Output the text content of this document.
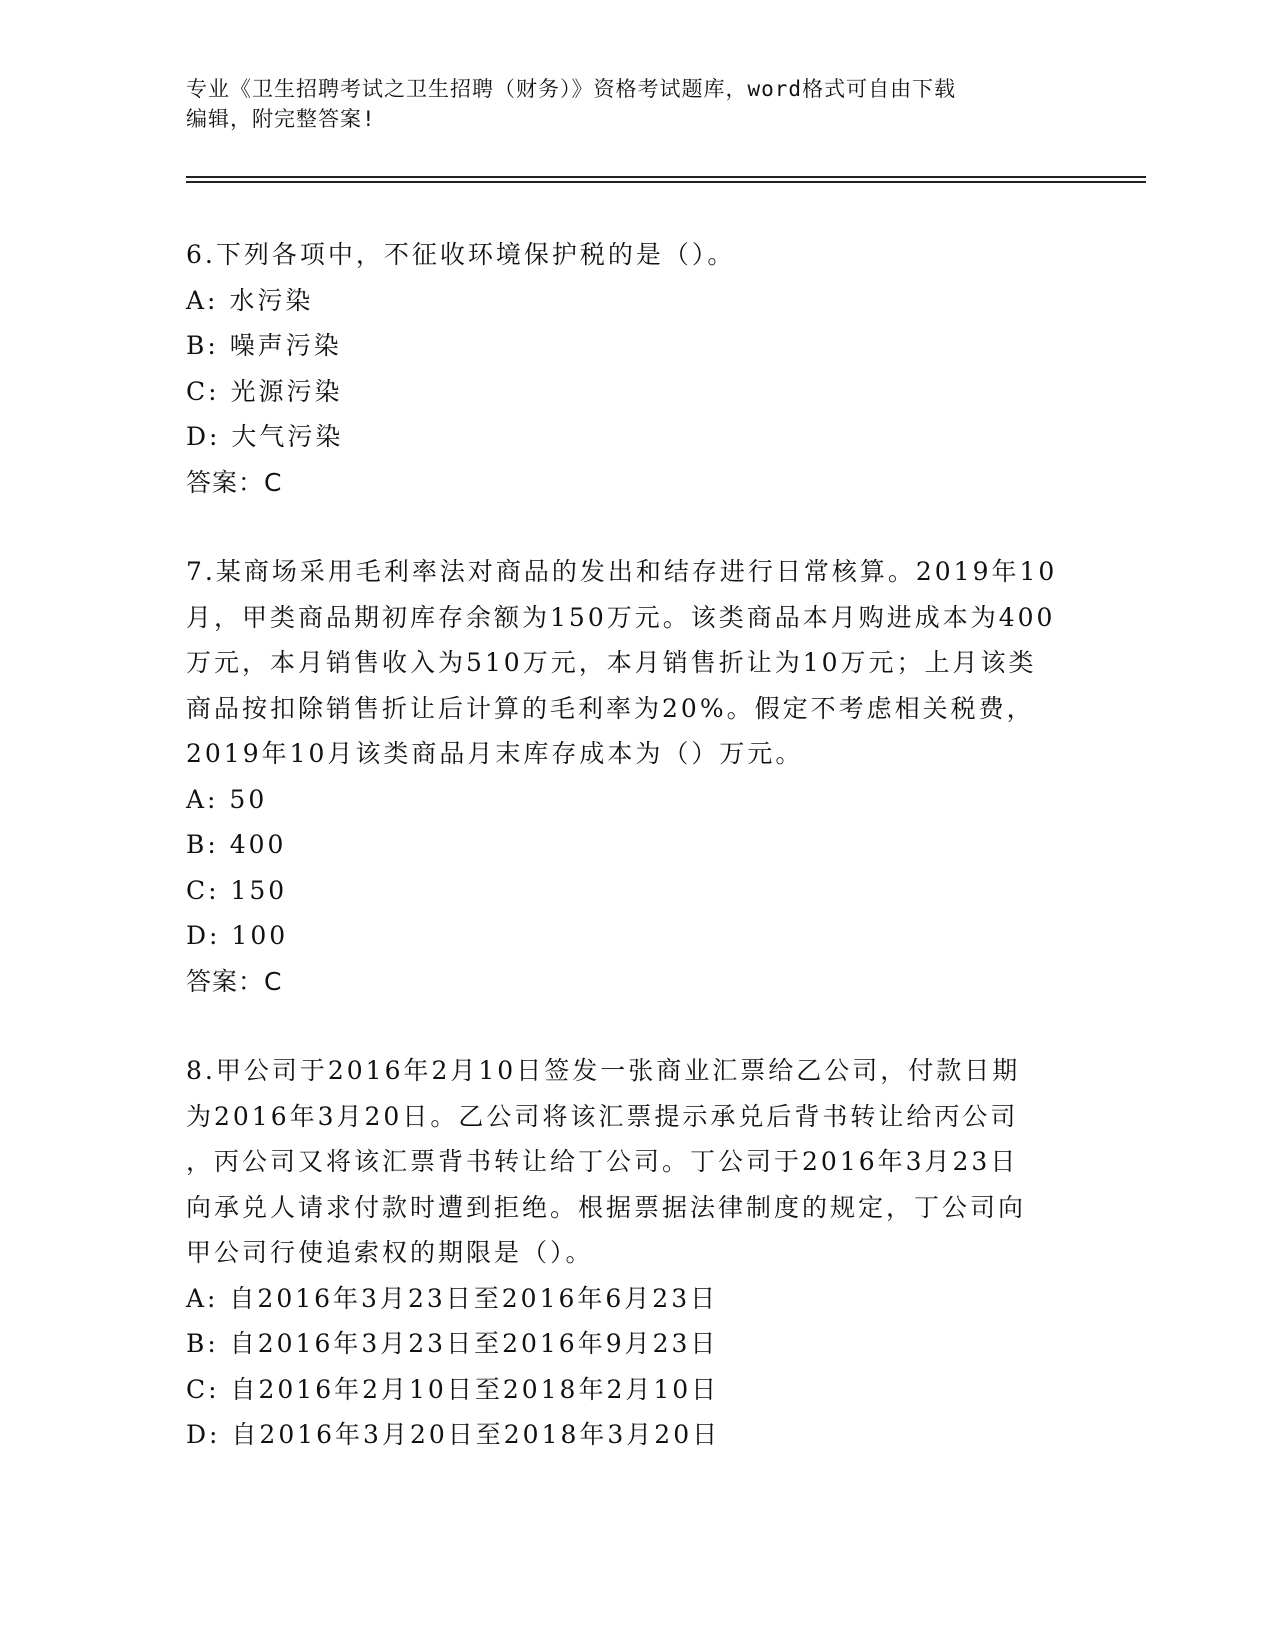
专业《卫生招聘考试之卫生招聘（财务）》资格考试题库，word格式可自由下载
编辑，附完整答案!
6.下列各项中，不征收环境保护税的是（）。
A: 水污染
B: 噪声污染
C: 光源污染
D: 大气污染
答案：C
7.某商场采用毛利率法对商品的发出和结存进行日常核算。2019年10
月，甲类商品期初库存余额为150万元。该类商品本月购进成本为400
万元，本月销售收入为510万元，本月销售折让为10万元；上月该类
商品按扣除销售折让后计算的毛利率为20%。假定不考虑相关税费，
2019年10月该类商品月末库存成本为（）万元。
A: 50
B: 400
C: 150
D: 100
答案：C
8.甲公司于2016年2月10日签发一张商业汇票给乙公司，付款日期
为2016年3月20日。乙公司将该汇票提示承兑后背书转让给丙公司
，丙公司又将该汇票背书转让给丁公司。丁公司于2016年3月23日
向承兑人请求付款时遭到拒绝。根据票据法律制度的规定，丁公司向
甲公司行使追索权的期限是（）。
A: 自2016年3月23日至2016年6月23日
B: 自2016年3月23日至2016年9月23日
C: 自2016年2月10日至2018年2月10日
D: 自2016年3月20日至2018年3月20日
